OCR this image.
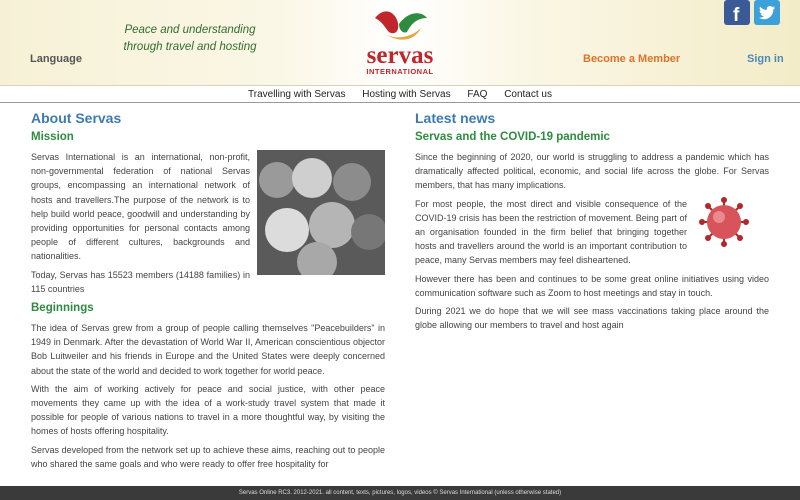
Peace and understanding
through travel and hosting
Language	servas
INTERNATIONAL
Become a Member	Sign in
f
Travelling with Servas Hosting with Servas FAQ Contact us
About Servas
Mission

Servas International is an international, non-profit, non-governmental federation of national Servas groups, encompassing an international network of hosts and travellers.The purpose of the network is to help build world peace, goodwill and understanding by providing opportunities for personal contacts among people of different cultures, backgrounds and nationalities.

Today, Servas has 15523 members (14188 families) in 115 countries

Beginnings

The idea of Servas grew from a group of people calling themselves "Peacebuilders" in 1949 in Denmark. After the devastation of World War II, American conscientious objector Bob Luitweiler and his friends in Europe and the United States were deeply concerned about the state of the world and decided to work together for world peace.

With the aim of working actively for peace and social justice, with other peace movements they came up with the idea of a work-study travel system that made it possible for people of various nations to travel in a more thoughtful way, by visiting the homes of hosts offering hospitality.

Servas developed from the network set up to achieve these aims, reaching out to people who shared the same goals and who were ready to offer free hospitality for

Latest news
Servas and the COVID-19 pandemic

Since the beginning of 2020, our world is struggling to address a pandemic which has dramatically affected political, economic, and social life across the globe. For Servas members, that has many implications.

For most people, the most direct and visible consequence of the COVID-19 crisis has been the restriction of movement. Being part of an organisation founded in the firm belief that bringing together hosts and travellers around the world is an important contribution to peace, many Servas members may feel disheartened.

However there has been and continues to be some great online initiatives using video communication software such as Zoom to host meetings and stay in touch.

During 2021 we do hope that we will see mass vaccinations taking place around the globe allowing our members to travel and host again

Servas Online RC3. 2012-2021. all content, texts, pictures, logos, videos © Servas International (unless otherwise stated)
